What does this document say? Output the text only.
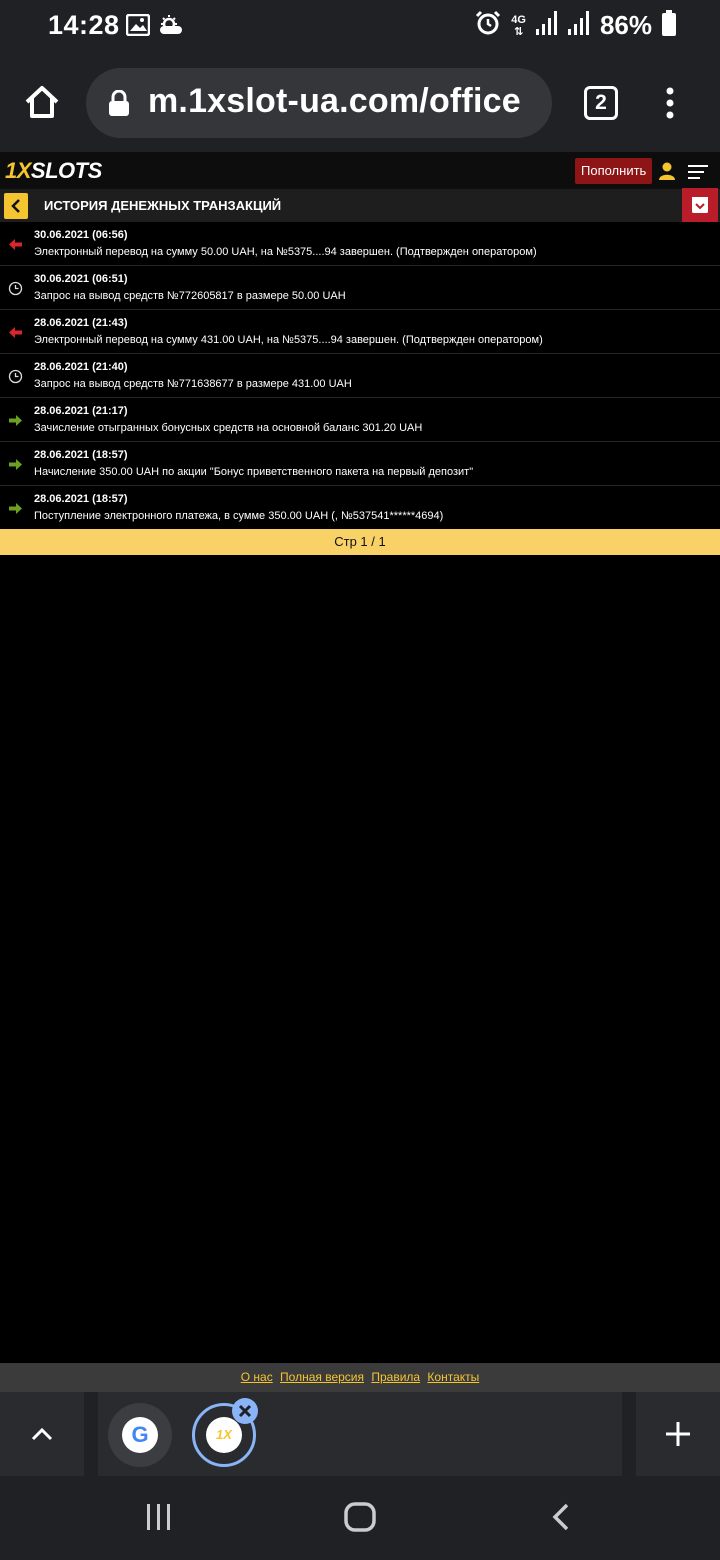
14:28	4G
⇅	86%
m.1xslot-ua.com/office	2
1XSLOTS	Пополнить
ИСТОРИЯ ДЕНЕЖНЫХ ТРАНЗАКЦИЙ
30.06.2021 (06:56)
Электронный перевод на сумму 50.00 UAH, на №5375....94 завершен. (Подтвержден оператором)
30.06.2021 (06:51)
Запрос на вывод средств №772605817 в размере 50.00 UAH
28.06.2021 (21:43)
Электронный перевод на сумму 431.00 UAH, на №5375....94 завершен. (Подтвержден оператором)
28.06.2021 (21:40)
Запрос на вывод средств №771638677 в размере 431.00 UAH
28.06.2021 (21:17)
Зачисление отыгранных бонусных средств на основной баланс 301.20 UAH
28.06.2021 (18:57)
Начисление 350.00 UAH по акции "Бонус приветственного пакета на первый депозит"
28.06.2021 (18:57)
Поступление электронного платежа, в сумме 350.00 UAH (, №537541******4694)
Стр 1 / 1
О нас Полная версия Правила Контакты
G	1X
